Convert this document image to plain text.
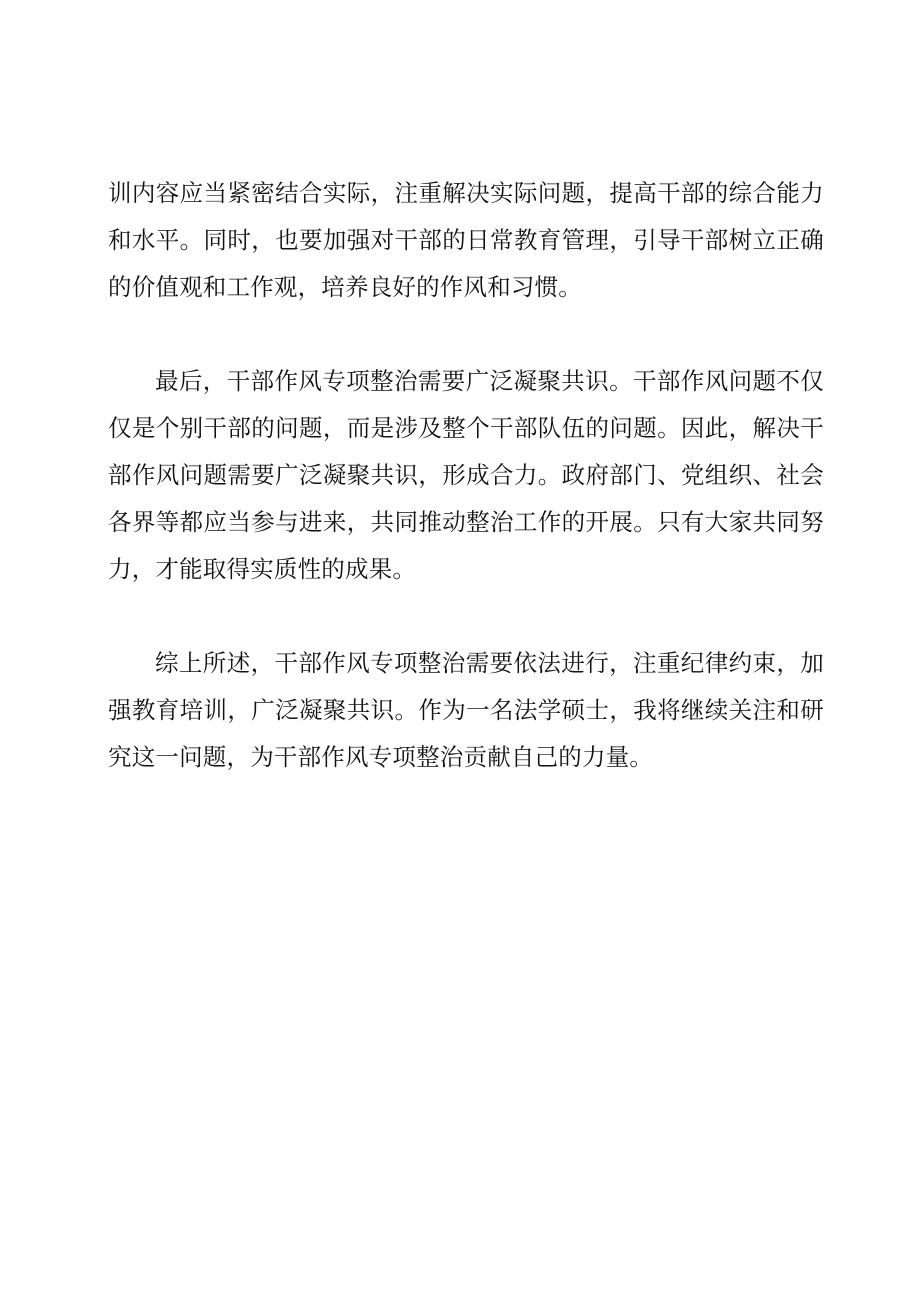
训内容应当紧密结合实际，注重解决实际问题，提高干部的综合能力和水平。同时，也要加强对干部的日常教育管理，引导干部树立正确的价值观和工作观，培养良好的作风和习惯。

最后，干部作风专项整治需要广泛凝聚共识。干部作风问题不仅仅是个别干部的问题，而是涉及整个干部队伍的问题。因此，解决干部作风问题需要广泛凝聚共识，形成合力。政府部门、党组织、社会各界等都应当参与进来，共同推动整治工作的开展。只有大家共同努力，才能取得实质性的成果。

综上所述，干部作风专项整治需要依法进行，注重纪律约束，加强教育培训，广泛凝聚共识。作为一名法学硕士，我将继续关注和研究这一问题，为干部作风专项整治贡献自己的力量。
